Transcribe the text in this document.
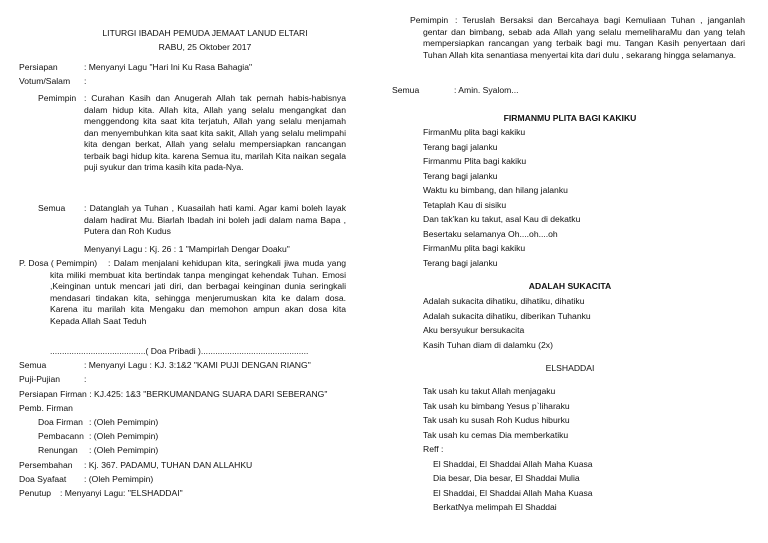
LITURGI IBADAH PEMUDA JEMAAT LANUD ELTARI
RABU, 25 Oktober 2017
Persiapan	: Menyanyi Lagu "Hari Ini Ku Rasa Bahagia"
Votum/Salam :
Pemimpin : Curahan Kasih dan Anugerah Allah tak pernah habis-habisnya dalam hidup kita. Allah kita, Allah yang selalu mengangkat dan menggendong kita saat kita terjatuh, Allah yang selalu menjamah dan menyembuhkan kita saat kita sakit, Allah yang selalu melimpahi kita dengan berkat, Allah yang selalu mempersiapkan rancangan terbaik bagi hidup kita. karena Semua itu, marilah Kita naikan segala puji syukur dan trima kasih kita pada-Nya.
Semua : Datanglah ya Tuhan , Kuasailah hati kami. Agar kami boleh layak dalam hadirat Mu. Biarlah Ibadah ini boleh jadi dalam nama Bapa , Putera dan Roh Kudus
Menyanyi Lagu : Kj. 26 : 1 "Mampirlah Dengar Doaku"
P. Dosa ( Pemimpin)	: Dalam menjalani kehidupan kita, seringkali jiwa muda yang kita miliki membuat kita bertindak tanpa mengingat kehendak Tuhan. Emosi ,Keinginan untuk mencari jati diri, dan berbagai keinginan dunia seringkali mendasari tindakan kita, sehingga menjerumuskan kita ke dalam dosa. Karena itu marilah kita Mengaku dan memohon ampun akan dosa kita Kepada Allah Saat Teduh
........................................( Doa Pribadi ).............................................
Semua	: Menyanyi Lagu : KJ. 3:1&2 "KAMI PUJI DENGAN RIANG"
Puji-Pujian	:
Persiapan Firman : KJ.425: 1&3 "BERKUMANDANG SUARA DARI SEBERANG"
Pemb. Firman
Doa Firman : (Oleh Pemimpin)
Pembacann : (Oleh Pemimpin)
Renungan : (Oleh Pemimpin)
Persembahan : Kj. 367. PADAMU, TUHAN DAN ALLAHKU
Doa Syafaat : (Oleh Pemimpin)
Penutup : Menyanyi Lagu: "ELSHADDAI"
Pemimpin : Teruslah Bersaksi dan Bercahaya bagi Kemuliaan Tuhan , janganlah gentar dan bimbang, sebab ada Allah yang selalu memeliharaMu dan yang telah mempersiapkan rancangan yang terbaik bagi mu. Tangan Kasih penyertaan dari Tuhan Allah kita senantiasa menyertai kita dari dulu , sekarang hingga selamanya.
Semua	: Amin. Syalom...
FIRMANMU PLITA BAGI KAKIKU
FirmanMu plita bagi kakiku
Terang bagi jalanku
Firmanmu Plita bagi kakiku
Terang bagi jalanku
Waktu ku bimbang, dan hilang jalanku
Tetaplah Kau di sisiku
Dan tak'kan ku takut, asal Kau di dekatku
Besertaku selamanya Oh....oh....oh
FirmanMu plita bagi kakiku
Terang bagi jalanku
ADALAH SUKACITA
Adalah sukacita dihatiku, dihatiku, dihatiku
Adalah sukacita dihatiku, diberikan Tuhanku
Aku bersyukur bersukacita
Kasih Tuhan diam di dalamku (2x)
ELSHADDAI
Tak usah ku takut Allah menjagaku
Tak usah ku bimbang Yesus p`liharaku
Tak usah ku susah Roh Kudus hiburku
Tak usah ku cemas Dia memberkatiku
Reff :
El Shaddai, El Shaddai Allah Maha Kuasa
Dia besar, Dia besar, El Shaddai Mulia
El Shaddai, El Shaddai Allah Maha Kuasa
BerkatNya melimpah El Shaddai
